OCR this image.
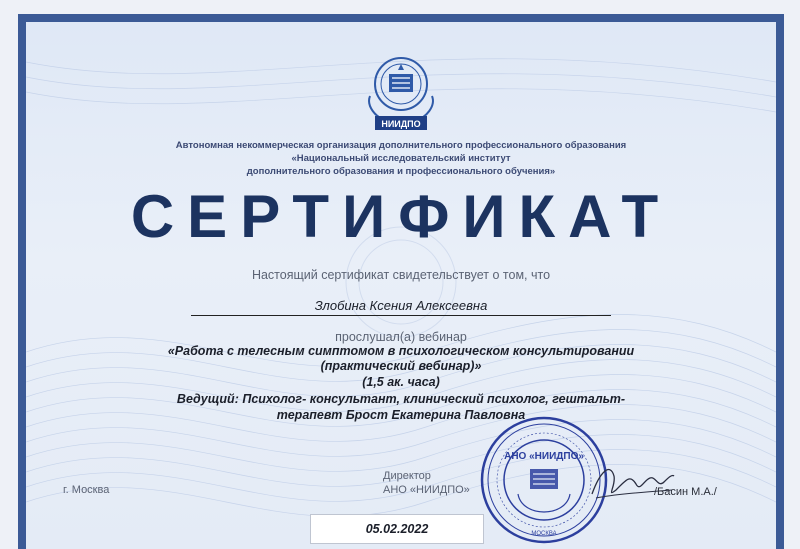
НИИДПО
Автономная некоммерческая организация дополнительного профессионального образования
«Национальный исследовательский институт
дополнительного образования и профессионального обучения»
СЕРТИФИКАТ
Настоящий сертификат свидетельствует о том, что
Злобина Ксения Алексеевна
прослушал(а) вебинар
«Работа с телесным симптомом в психологическом консультировании (практический вебинар)»
(1,5 ак. часа)
Ведущий: Психолог- консультант, клинический психолог, гештальт- терапевт Брост Екатерина Павловна
г. Москва
Директор
АНО «НИИДПО»
АНО «НИИДПО»
МОСКВА
/Басин М.А./
05.02.2022
